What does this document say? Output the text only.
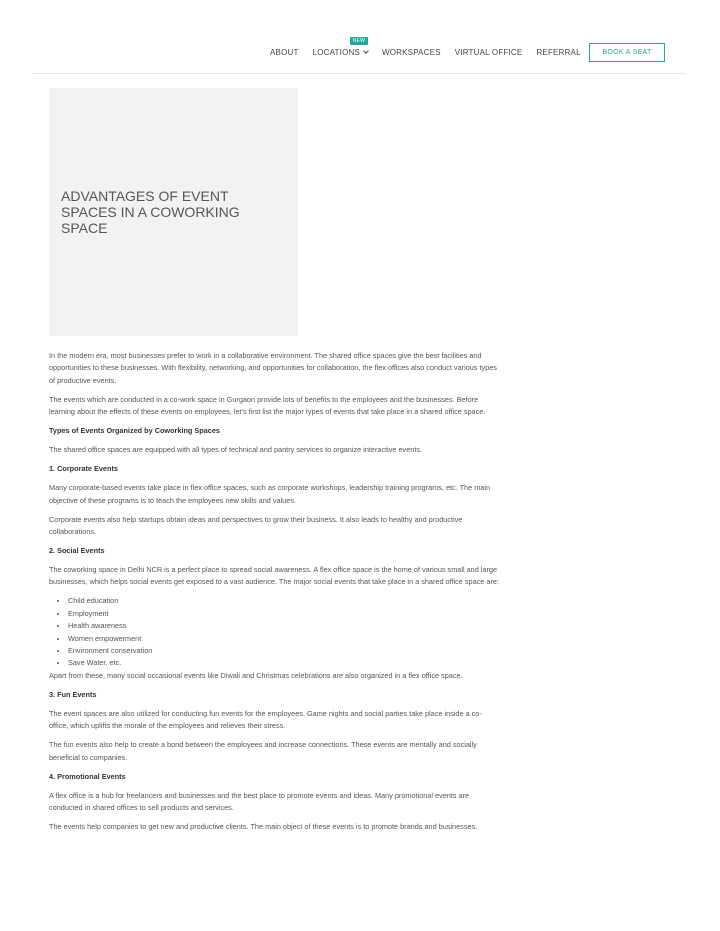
ABOUT
NEW
LOCATIONS	WORKSPACES VIRTUAL OFFICE REFERRAL	BOOK A SEAT
ADVANTAGES OF EVENT SPACES IN A COWORKING SPACE

In the modern era, most businesses prefer to work in a collaborative environment. The shared office spaces give the best facilities and opportunities to these businesses. With flexibility, networking, and opportunities for collaboration, the flex offices also conduct various types of productive events.

The events which are conducted in a co-work space in Gurgaon provide lots of benefits to the employees and the businesses. Before learning about the effects of these events on employees, let's first list the major types of events that take place in a shared office space.

Types of Events Organized by Coworking Spaces

The shared office spaces are equipped with all types of technical and pantry services to organize interactive events.

1. Corporate Events

Many corporate-based events take place in flex office spaces, such as corporate workshops, leadership training programs, etc. The main objective of these programs is to teach the employees new skills and values.

Corporate events also help startups obtain ideas and perspectives to grow their business. It also leads to healthy and productive collaborations.

2. Social Events

The coworking space in Delhi NCR is a perfect place to spread social awareness. A flex office space is the home of various small and large businesses, which helps social events get exposed to a vast audience. The major social events that take place in a shared office space are:

• Child education
• Employment
• Health awareness
• Women empowerment
• Environment conservation
• Save Water, etc.

Apart from these, many social occasional events like Diwali and Christmas celebrations are also organized in a flex office space.

3. Fun Events

The event spaces are also utilized for conducting fun events for the employees. Game nights and social parties take place inside a co-office, which uplifts the morale of the employees and relieves their stress.

The fun events also help to create a bond between the employees and increase connections. These events are mentally and socially beneficial to companies.

4. Promotional Events

A flex office is a hub for freelancers and businesses and the best place to promote events and ideas. Many promotional events are conducted in shared offices to sell products and services.

The events help companies to get new and productive clients. The main object of these events is to promote brands and businesses.
